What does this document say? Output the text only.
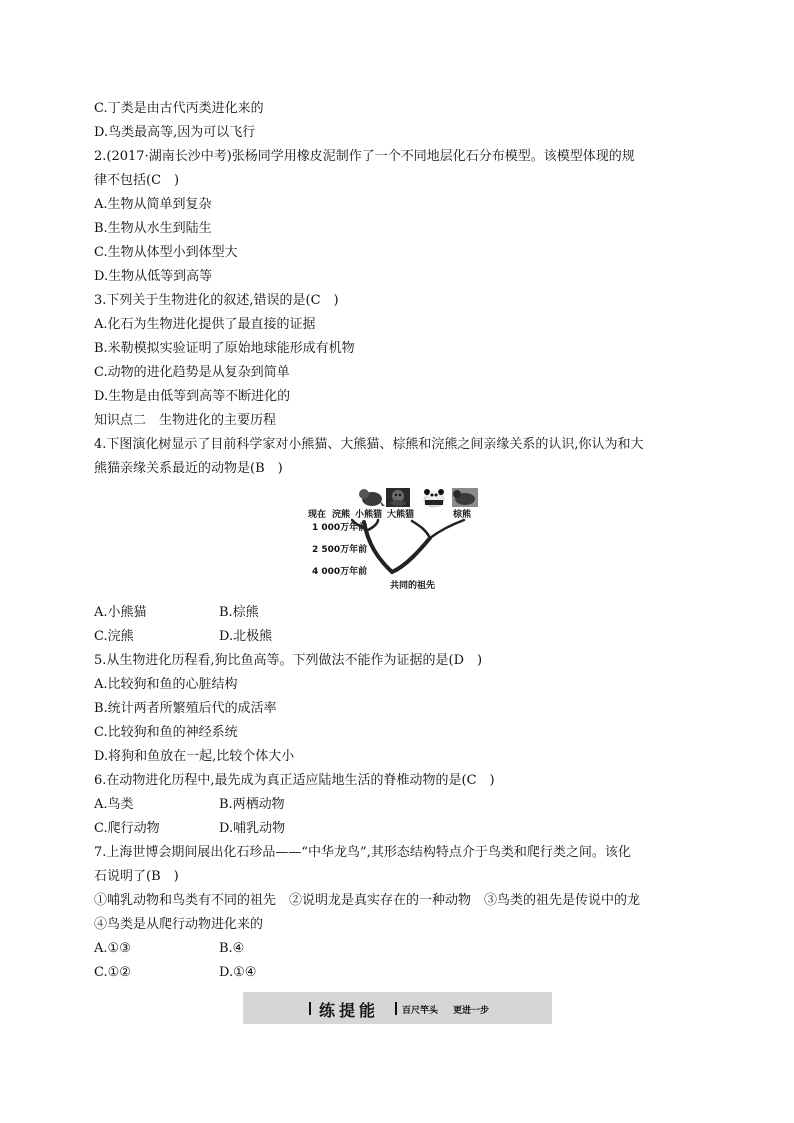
C.丁类是由古代丙类进化来的
D.鸟类最高等,因为可以飞行
2.(2017·湖南长沙中考)张杨同学用橡皮泥制作了一个不同地层化石分布模型。该模型体现的规
律不包括(C　)
A.生物从简单到复杂
B.生物从水生到陆生
C.生物从体型小到体型大
D.生物从低等到高等
3.下列关于生物进化的叙述,错误的是(C　)
A.化石为生物进化提供了最直接的证据
B.米勒模拟实验证明了原始地球能形成有机物
C.动物的进化趋势是从复杂到简单
D.生物是由低等到高等不断进化的
知识点二　生物进化的主要历程
4.下图演化树显示了目前科学家对小熊猫、大熊猫、棕熊和浣熊之间亲缘关系的认识,你认为和大
熊猫亲缘关系最近的动物是(B　)
现在 浣熊 小熊猫 大熊猫	棕熊
1 000万年前
2 500万年前
4 000万年前
共同的祖先
A.小熊猫	B.棕熊
C.浣熊	D.北极熊
5.从生物进化历程看,狗比鱼高等。下列做法不能作为证据的是(D　)
A.比较狗和鱼的心脏结构
B.统计两者所繁殖后代的成活率
C.比较狗和鱼的神经系统
D.将狗和鱼放在一起,比较个体大小
6.在动物进化历程中,最先成为真正适应陆地生活的脊椎动物的是(C　)
A.鸟类	B.两栖动物
C.爬行动物	D.哺乳动物
7.上海世博会期间展出化石珍品——“中华龙鸟”,其形态结构特点介于鸟类和爬行类之间。该化
石说明了(B　)
①哺乳动物和鸟类有不同的祖先　②说明龙是真实存在的一种动物　③鸟类的祖先是传说中的龙
④鸟类是从爬行动物进化来的
A.①③	B.④
C.①②	D.①④
练提能	百尺竿头 更进一步
